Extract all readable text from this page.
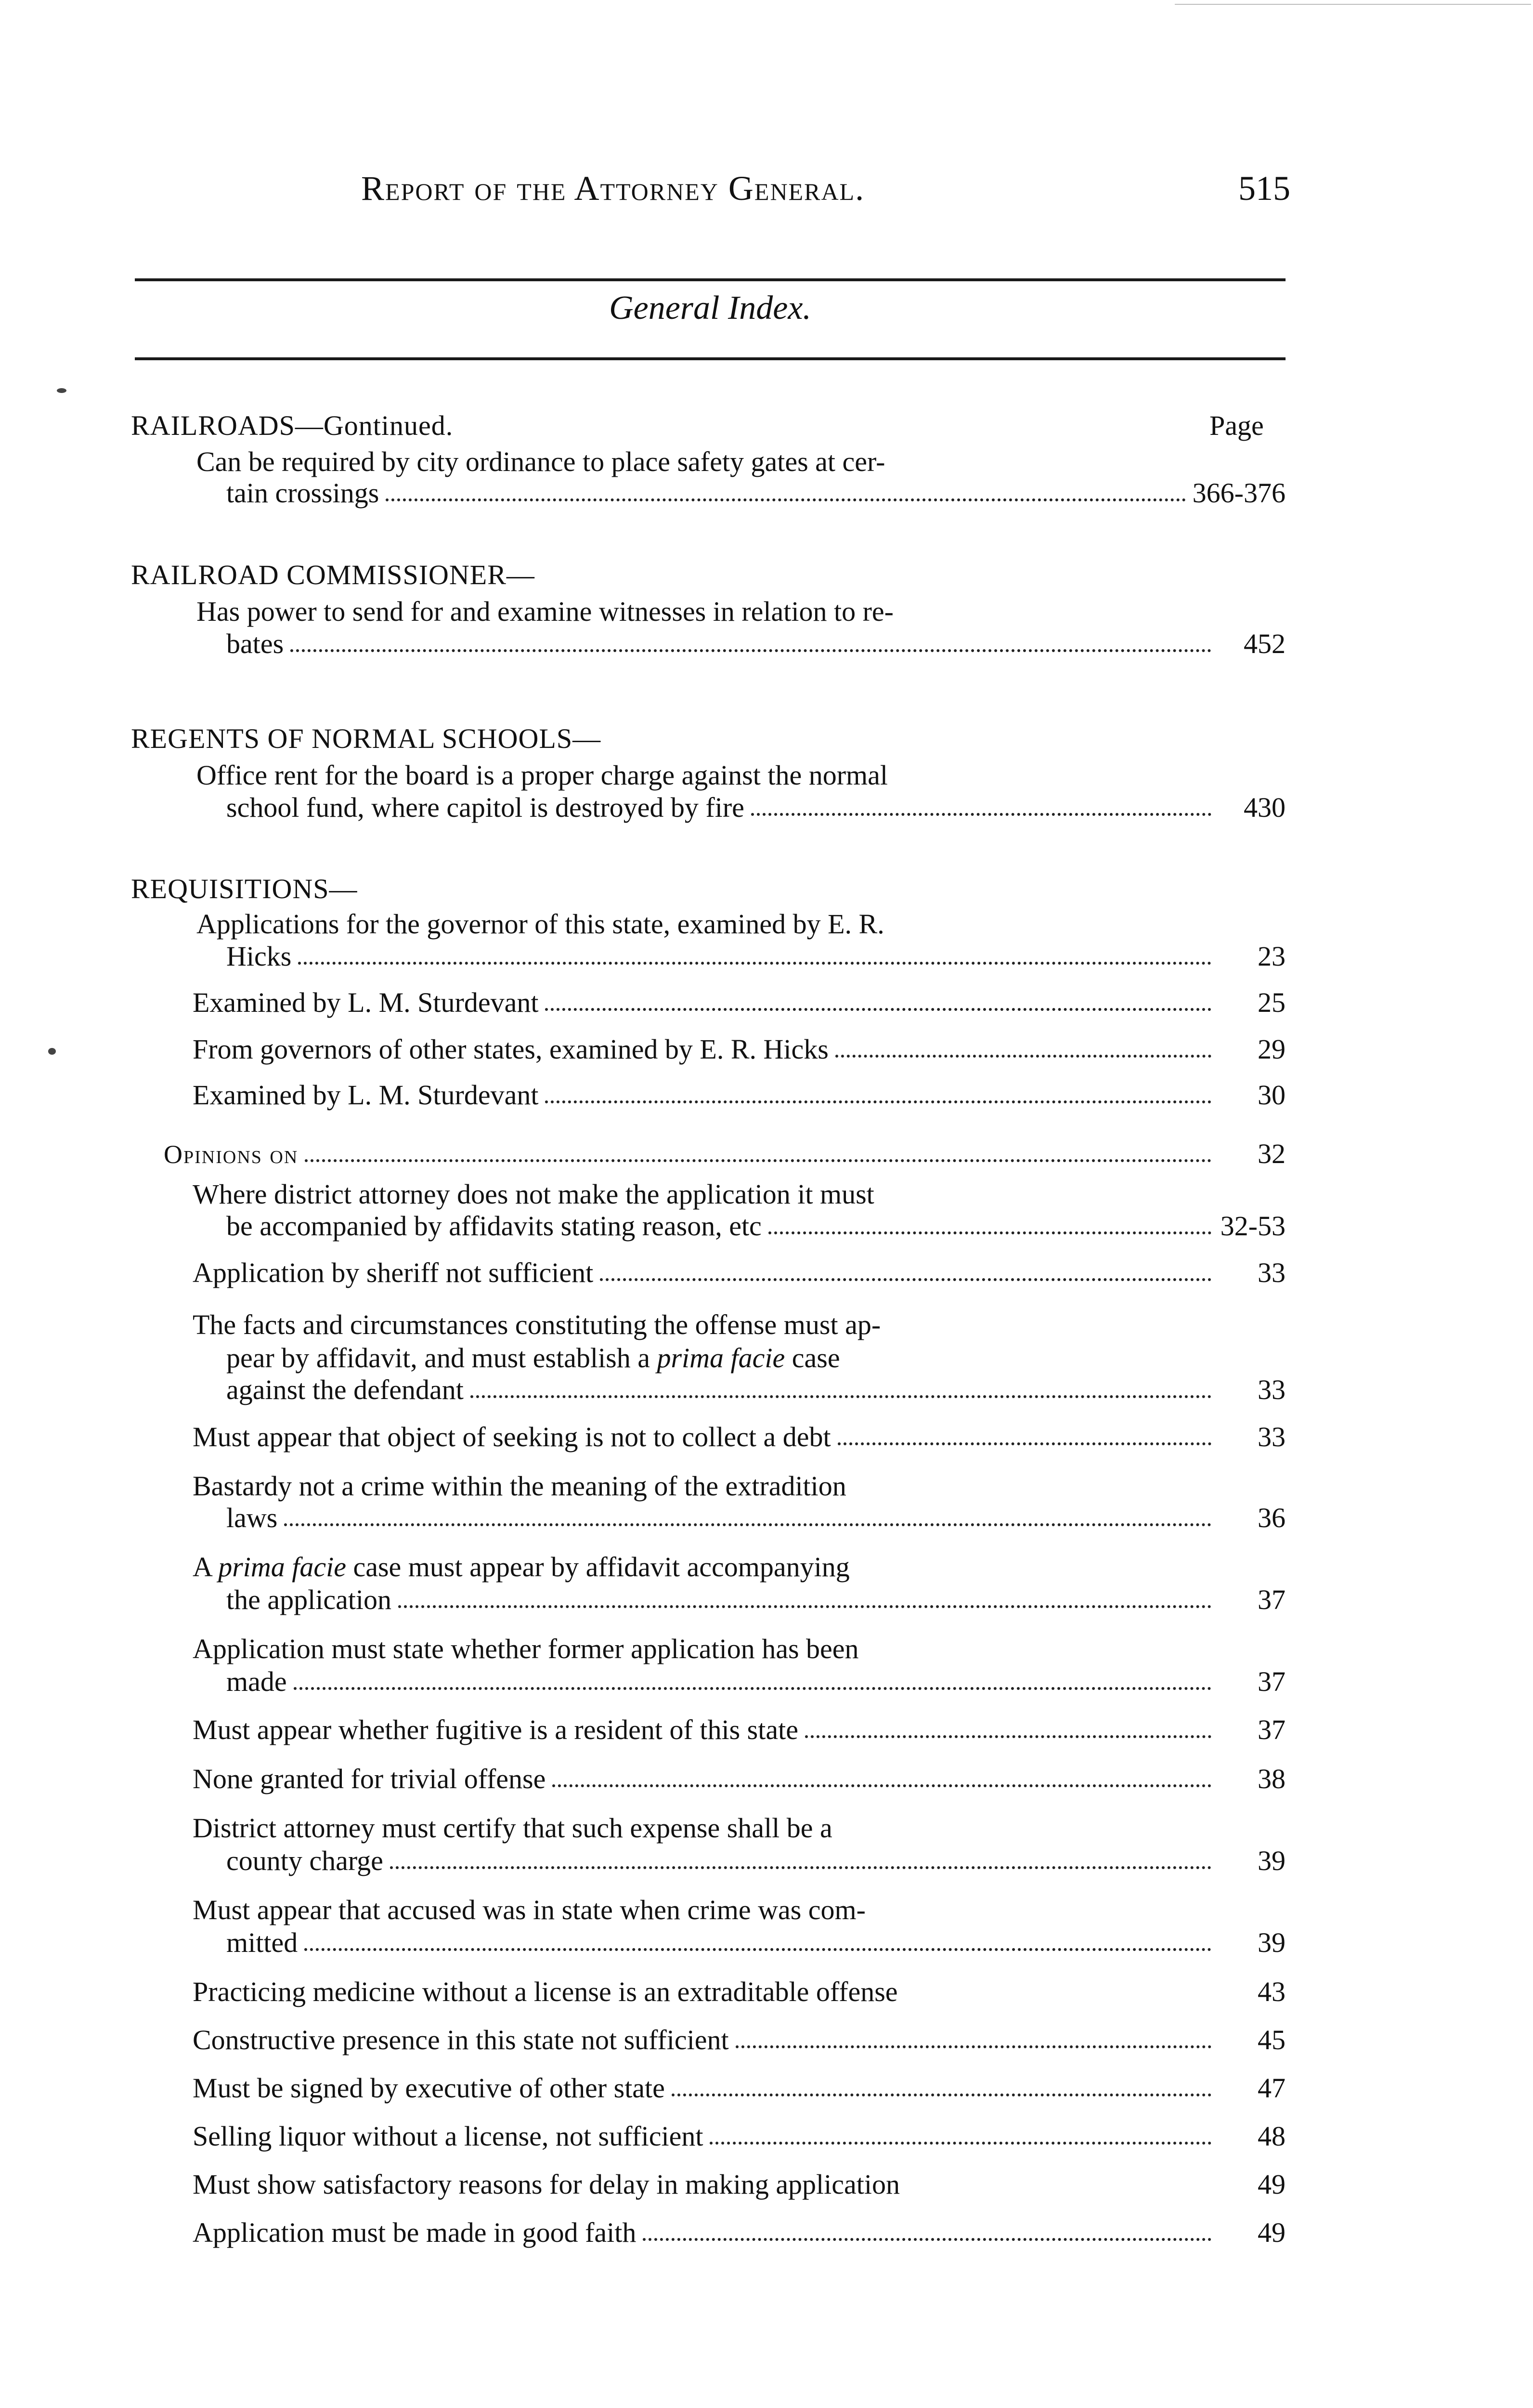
Report of the Attorney General.	515
General Index.
RAILROADS—Gontinued.	Page
Can be required by city ordinance to place safety gates at cer-
tain crossings	366-376
RAILROAD COMMISSIONER—
Has power to send for and examine witnesses in relation to re-
bates	452
REGENTS OF NORMAL SCHOOLS—
Office rent for the board is a proper charge against the normal
school fund, where capitol is destroyed by fire	430
REQUISITIONS—
Applications for the governor of this state, examined by E. R.
Hicks	23
Examined by L. M. Sturdevant	25
From governors of other states, examined by E. R. Hicks	29
Examined by L. M. Sturdevant	30
Opinions on	32
Where district attorney does not make the application it must
be accompanied by affidavits stating reason, etc	32-53
Application by sheriff not sufficient	33
The facts and circumstances constituting the offense must ap-
pear by affidavit, and must establish a prima facie case
against the defendant	33
Must appear that object of seeking is not to collect a debt	33
Bastardy not a crime within the meaning of the extradition
laws	36
A prima facie case must appear by affidavit accompanying
the application	37
Application must state whether former application has been
made	37
Must appear whether fugitive is a resident of this state	37
None granted for trivial offense	38
District attorney must certify that such expense shall be a
county charge	39
Must appear that accused was in state when crime was com-
mitted	39
Practicing medicine without a license is an extraditable offense	43
Constructive presence in this state not sufficient	45
Must be signed by executive of other state	47
Selling liquor without a license, not sufficient	48
Must show satisfactory reasons for delay in making application	49
Application must be made in good faith	49
